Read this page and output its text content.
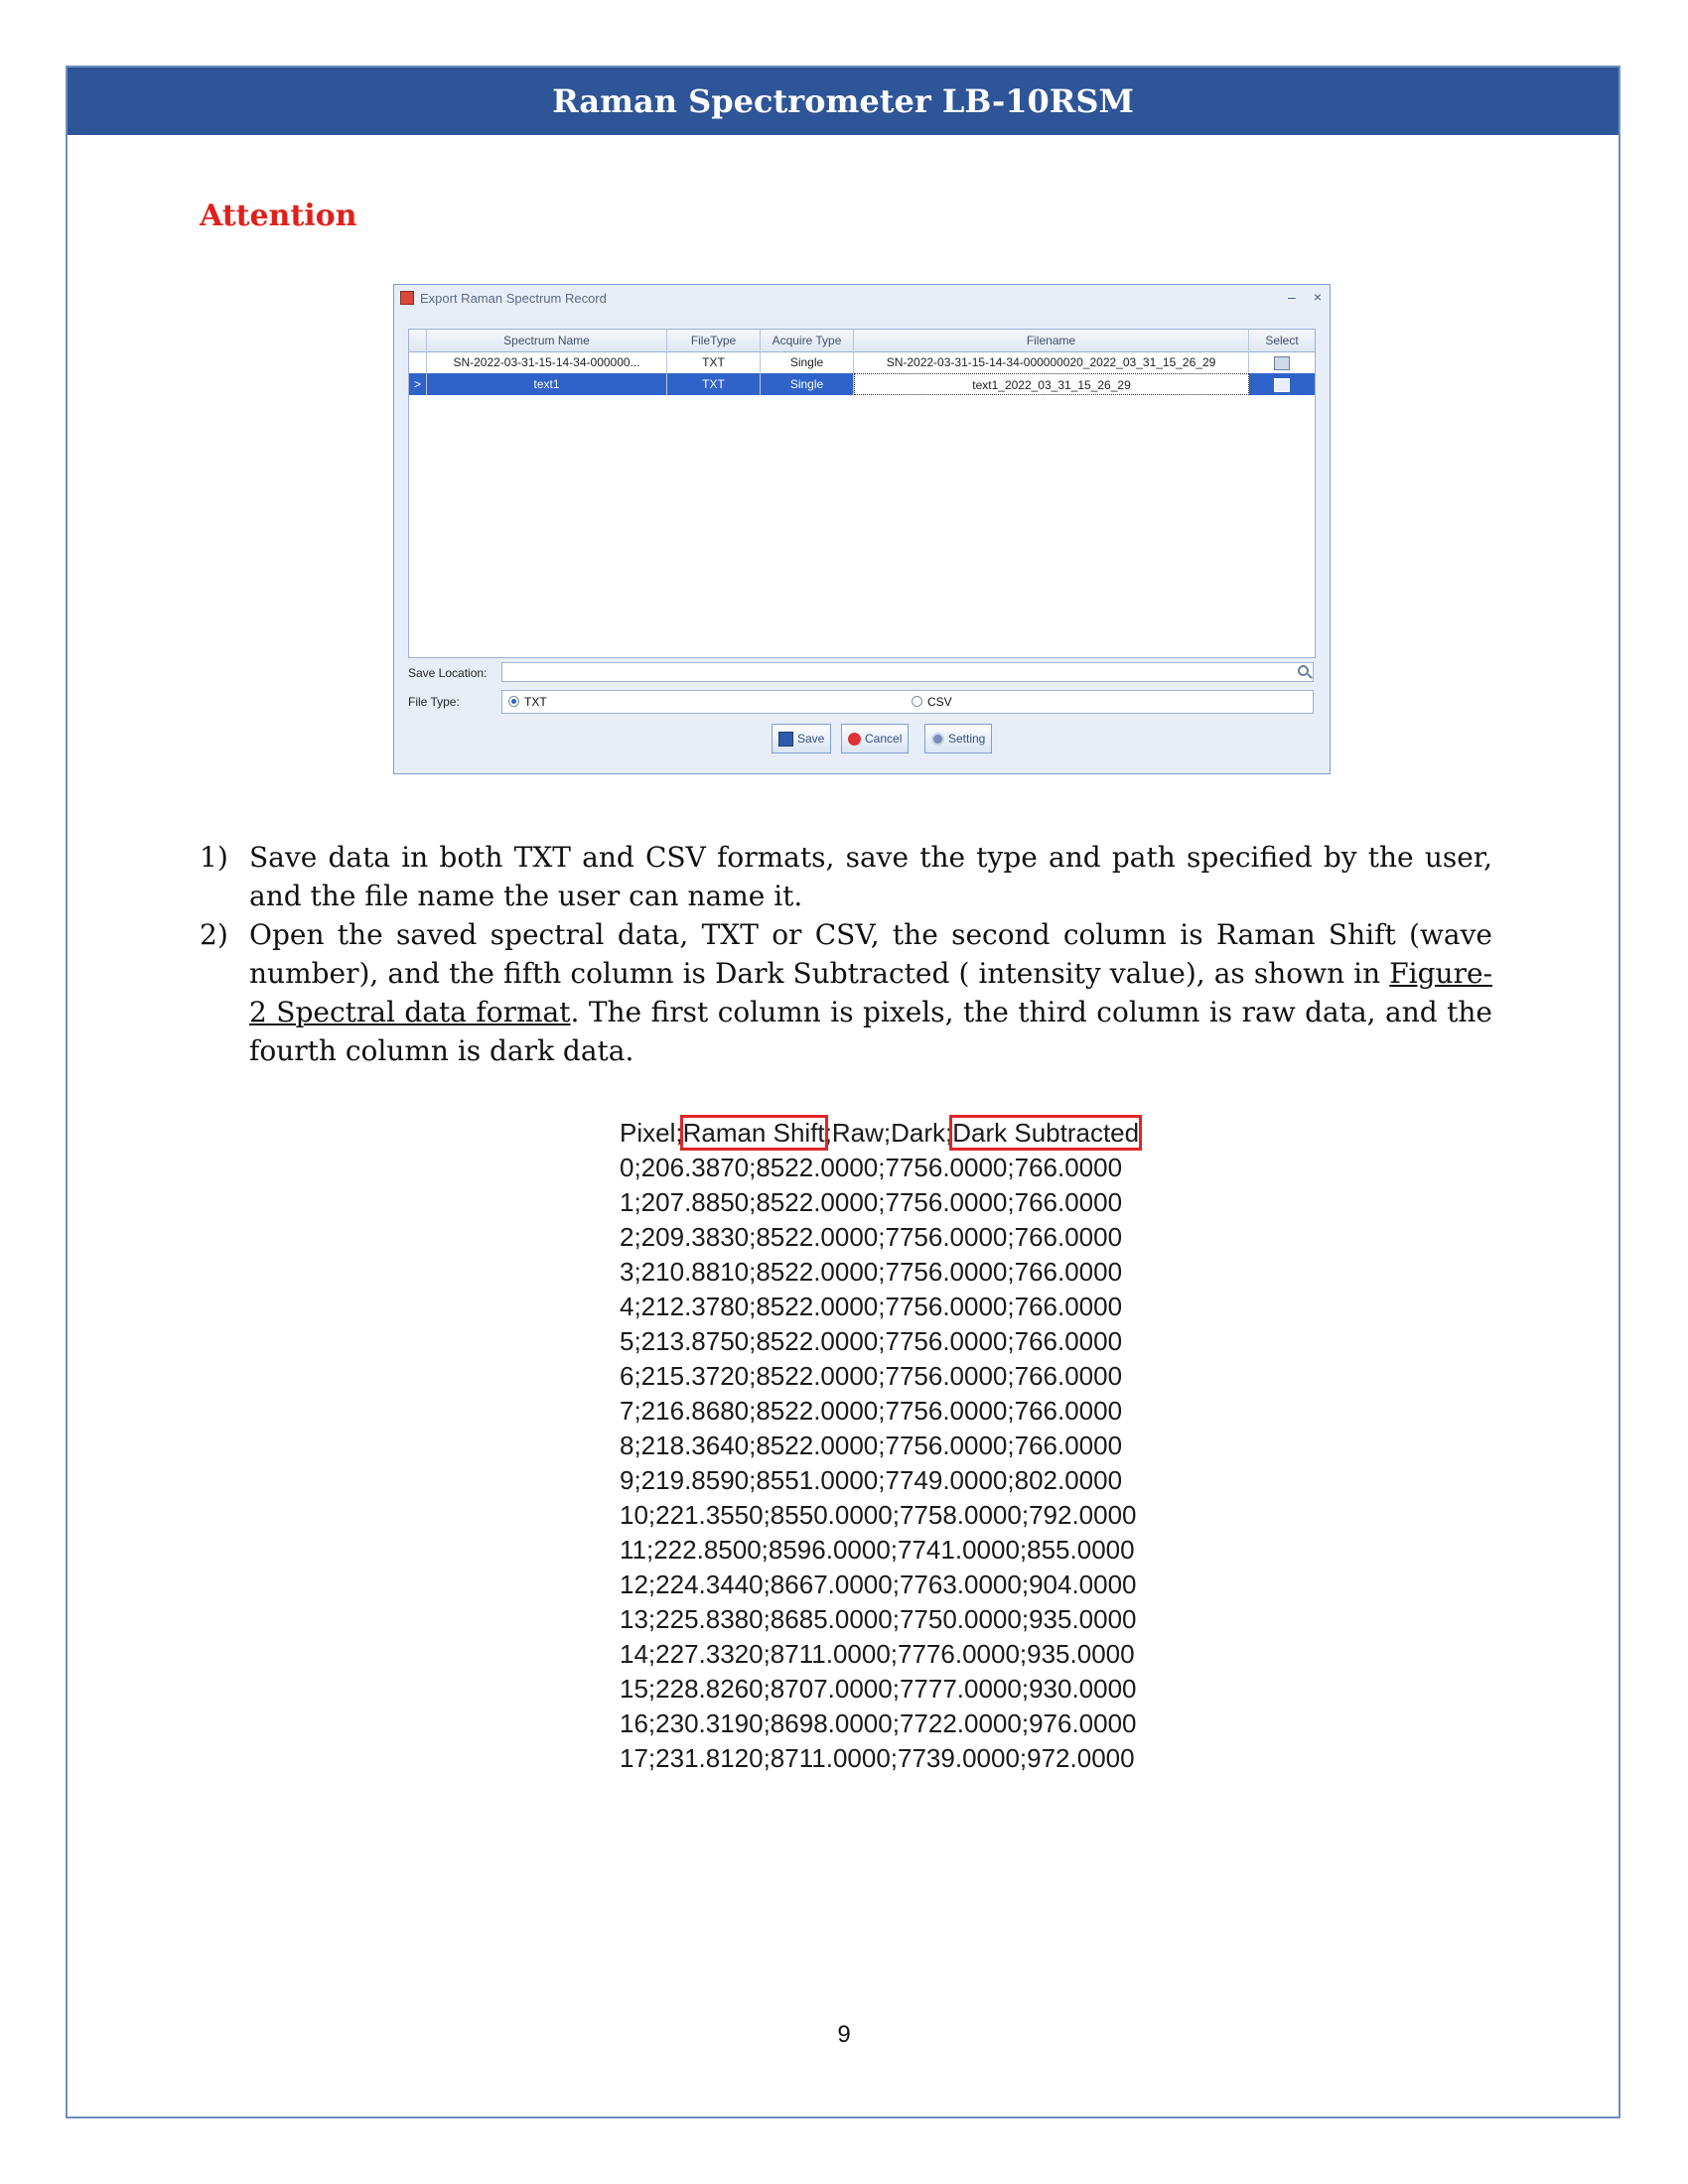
Raman Spectrometer LB-10RSM
Attention
Export Raman Spectrum Record	– ×
Spectrum Name	FileType	Acquire Type	Filename	Select
SN-2022-03-31-15-14-34-000000...	TXT	Single	SN-2022-03-31-15-14-34-000000020_2022_03_31_15_26_29
>	text1	TXT	Single	text1_2022_03_31_15_26_29
Save Location:
File Type:	TXT	CSV
Save	Cancel	Setting
1) Save data in both TXT and CSV formats, save the type and path specified by the user, and the file name the user can name it.
2) Open the saved spectral data, TXT or CSV, the second column is Raman Shift (wave number), and the fifth column is Dark Subtracted ( intensity value), as shown in Figure-2 Spectral data format. The first column is pixels, the third column is raw data, and the fourth column is dark data.
Pixel;Raman Shift;Raw;Dark;Dark Subtracted
0;206.3870;8522.0000;7756.0000;766.0000
1;207.8850;8522.0000;7756.0000;766.0000
2;209.3830;8522.0000;7756.0000;766.0000
3;210.8810;8522.0000;7756.0000;766.0000
4;212.3780;8522.0000;7756.0000;766.0000
5;213.8750;8522.0000;7756.0000;766.0000
6;215.3720;8522.0000;7756.0000;766.0000
7;216.8680;8522.0000;7756.0000;766.0000
8;218.3640;8522.0000;7756.0000;766.0000
9;219.8590;8551.0000;7749.0000;802.0000
10;221.3550;8550.0000;7758.0000;792.0000
11;222.8500;8596.0000;7741.0000;855.0000
12;224.3440;8667.0000;7763.0000;904.0000
13;225.8380;8685.0000;7750.0000;935.0000
14;227.3320;8711.0000;7776.0000;935.0000
15;228.8260;8707.0000;7777.0000;930.0000
16;230.3190;8698.0000;7722.0000;976.0000
17;231.8120;8711.0000;7739.0000;972.0000
9
